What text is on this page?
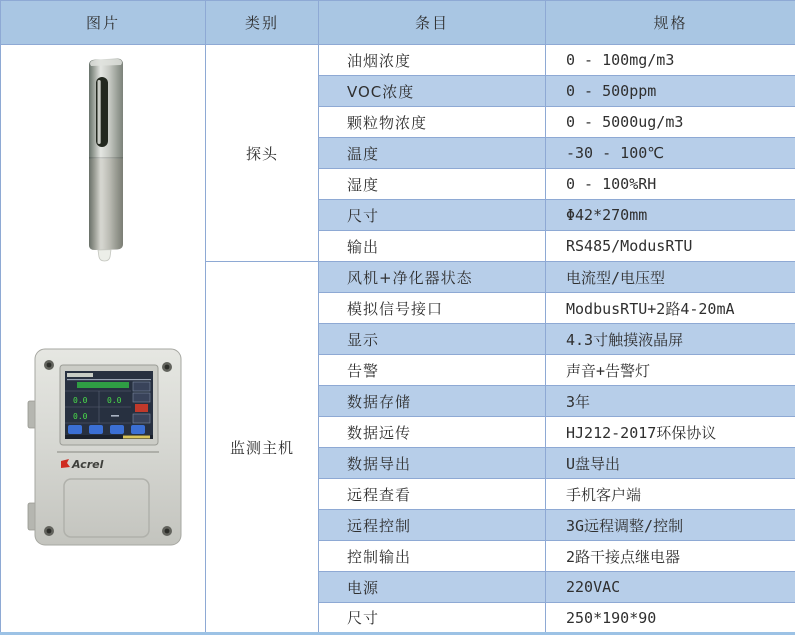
图片	类别	条目	规格

0.0 0.0
0.0
Acrel	探头	油烟浓度	0 - 100mg/m3
		VOC浓度	0 - 500ppm
		颗粒物浓度	0 - 5000ug/m3
		温度	-30 - 100℃
		湿度	0 - 100%RH
		尺寸	Φ42*270mm
		输出	RS485/ModusRTU
	监测主机	风机+净化器状态	电流型/电压型
		模拟信号接口	ModbusRTU+2路4-20mA
		显示	4.3寸触摸液晶屏
		告警	声音+告警灯
		数据存储	3年
		数据远传	HJ212-2017环保协议
		数据导出	U盘导出
		远程查看	手机客户端
		远程控制	3G远程调整/控制
		控制输出	2路干接点继电器
		电源	220VAC
		尺寸	250*190*90
